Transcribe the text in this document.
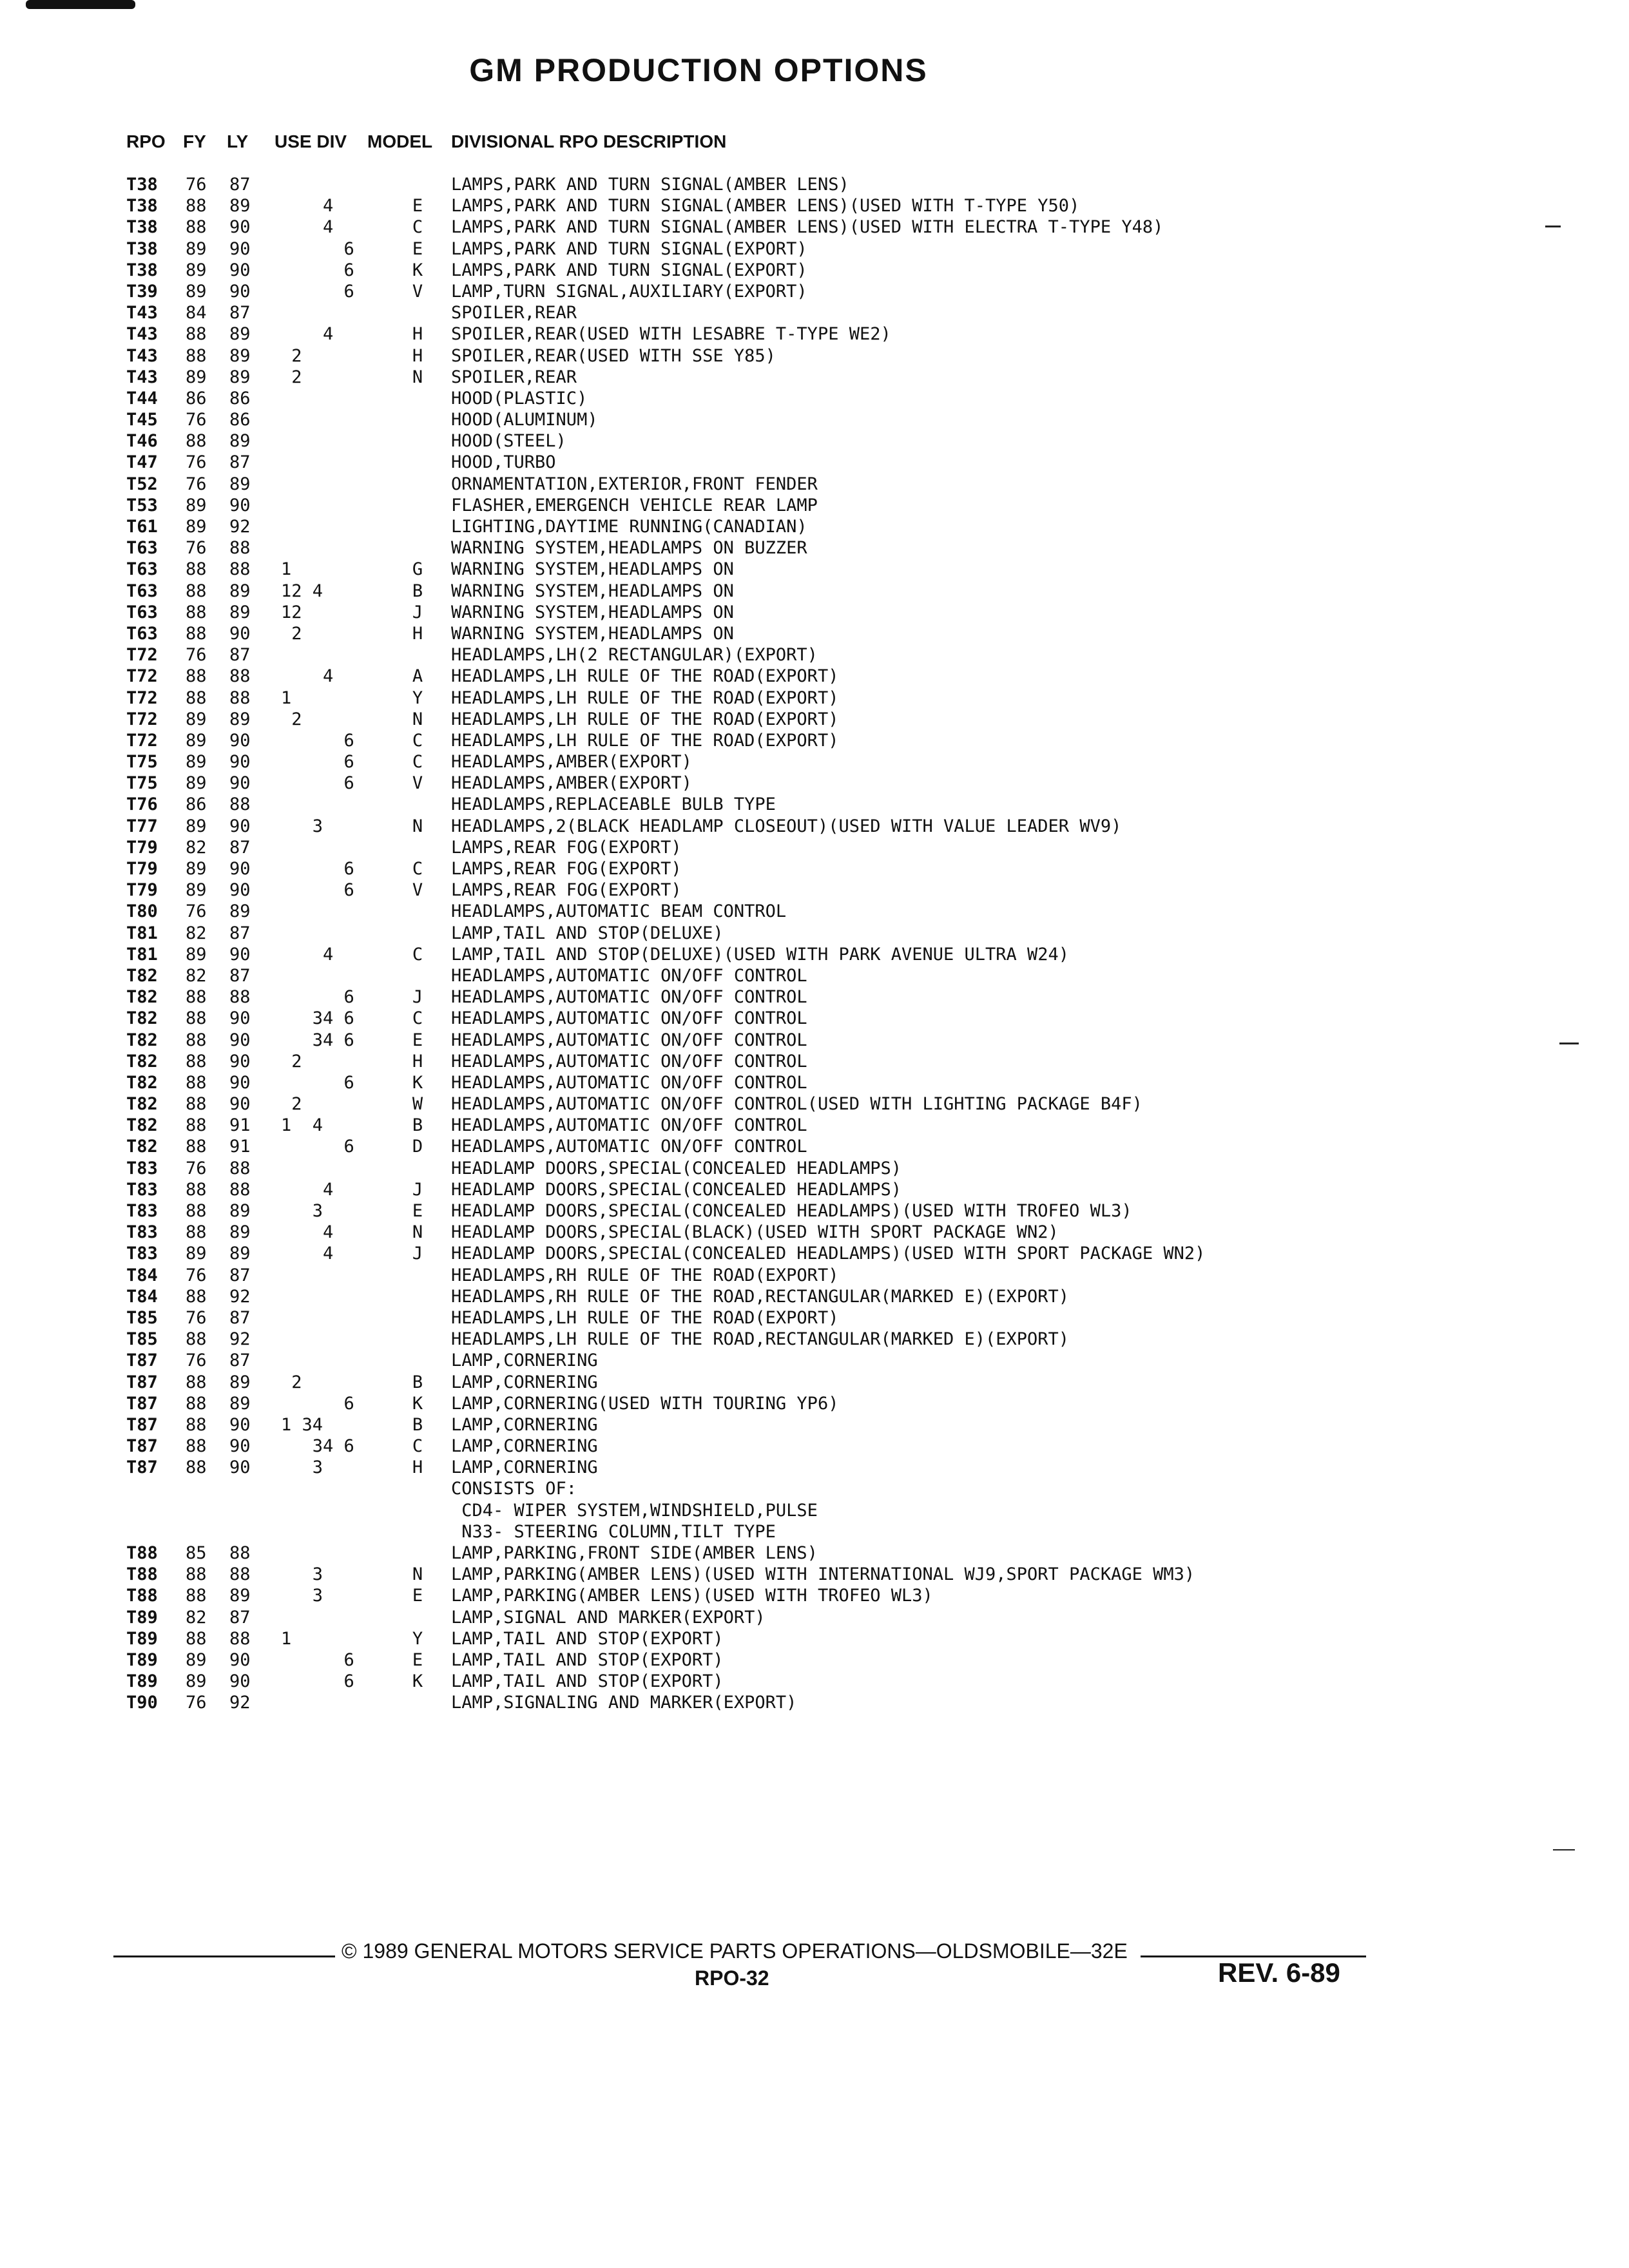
GM PRODUCTION OPTIONS
RPO FY LY USE DIV MODEL DIVISIONAL RPO DESCRIPTION
T38 76 87	LAMPS,PARK AND TURN SIGNAL(AMBER LENS)
T38 88 89 4	E	LAMPS,PARK AND TURN SIGNAL(AMBER LENS)(USED WITH T-TYPE Y50)
T38 88 90 4	C	LAMPS,PARK AND TURN SIGNAL(AMBER LENS)(USED WITH ELECTRA T-TYPE Y48)
T38 89 90 6	E	LAMPS,PARK AND TURN SIGNAL(EXPORT)
T38 89 90 6	K	LAMPS,PARK AND TURN SIGNAL(EXPORT)
T39 89 90 6	V	LAMP,TURN SIGNAL,AUXILIARY(EXPORT)
T43 84 87	SPOILER,REAR
T43 88 89 4	H	SPOILER,REAR(USED WITH LESABRE T-TYPE WE2)
T43 88 89 2	H	SPOILER,REAR(USED WITH SSE Y85)
T43 89 89 2	N	SPOILER,REAR
T44 86 86	HOOD(PLASTIC)
T45 76 86	HOOD(ALUMINUM)
T46 88 89	HOOD(STEEL)
T47 76 87	HOOD,TURBO
T52 76 89	ORNAMENTATION,EXTERIOR,FRONT FENDER
T53 89 90	FLASHER,EMERGENCH VEHICLE REAR LAMP
T61 89 92	LIGHTING,DAYTIME RUNNING(CANADIAN)
T63 76 88	WARNING SYSTEM,HEADLAMPS ON BUZZER
T63 88 88 1	G	WARNING SYSTEM,HEADLAMPS ON
T63 88 89 12 4	B	WARNING SYSTEM,HEADLAMPS ON
T63 88 89 12	J	WARNING SYSTEM,HEADLAMPS ON
T63 88 90 2	H	WARNING SYSTEM,HEADLAMPS ON
T72 76 87	HEADLAMPS,LH(2 RECTANGULAR)(EXPORT)
T72 88 88 4	A	HEADLAMPS,LH RULE OF THE ROAD(EXPORT)
T72 88 88 1	Y	HEADLAMPS,LH RULE OF THE ROAD(EXPORT)
T72 89 89 2	N	HEADLAMPS,LH RULE OF THE ROAD(EXPORT)
T72 89 90 6	C	HEADLAMPS,LH RULE OF THE ROAD(EXPORT)
T75 89 90 6	C	HEADLAMPS,AMBER(EXPORT)
T75 89 90 6	V	HEADLAMPS,AMBER(EXPORT)
T76 86 88	HEADLAMPS,REPLACEABLE BULB TYPE
T77 89 90 3	N	HEADLAMPS,2(BLACK HEADLAMP CLOSEOUT)(USED WITH VALUE LEADER WV9)
T79 82 87	LAMPS,REAR FOG(EXPORT)
T79 89 90 6	C	LAMPS,REAR FOG(EXPORT)
T79 89 90 6	V	LAMPS,REAR FOG(EXPORT)
T80 76 89	HEADLAMPS,AUTOMATIC BEAM CONTROL
T81 82 87	LAMP,TAIL AND STOP(DELUXE)
T81 89 90 4	C	LAMP,TAIL AND STOP(DELUXE)(USED WITH PARK AVENUE ULTRA W24)
T82 82 87	HEADLAMPS,AUTOMATIC ON/OFF CONTROL
T82 88 88 6	J	HEADLAMPS,AUTOMATIC ON/OFF CONTROL
T82 88 90 34 6	C	HEADLAMPS,AUTOMATIC ON/OFF CONTROL
T82 88 90 34 6	E	HEADLAMPS,AUTOMATIC ON/OFF CONTROL
T82 88 90 2	H	HEADLAMPS,AUTOMATIC ON/OFF CONTROL
T82 88 90 6	K	HEADLAMPS,AUTOMATIC ON/OFF CONTROL
T82 88 90 2	W	HEADLAMPS,AUTOMATIC ON/OFF CONTROL(USED WITH LIGHTING PACKAGE B4F)
T82 88 91 1  4	B	HEADLAMPS,AUTOMATIC ON/OFF CONTROL
T82 88 91 6	D	HEADLAMPS,AUTOMATIC ON/OFF CONTROL
T83 76 88	HEADLAMP DOORS,SPECIAL(CONCEALED HEADLAMPS)
T83 88 88 4	J	HEADLAMP DOORS,SPECIAL(CONCEALED HEADLAMPS)
T83 88 89 3	E	HEADLAMP DOORS,SPECIAL(CONCEALED HEADLAMPS)(USED WITH TROFEO WL3)
T83 88 89 4	N	HEADLAMP DOORS,SPECIAL(BLACK)(USED WITH SPORT PACKAGE WN2)
T83 89 89 4	J	HEADLAMP DOORS,SPECIAL(CONCEALED HEADLAMPS)(USED WITH SPORT PACKAGE WN2)
T84 76 87	HEADLAMPS,RH RULE OF THE ROAD(EXPORT)
T84 88 92	HEADLAMPS,RH RULE OF THE ROAD,RECTANGULAR(MARKED E)(EXPORT)
T85 76 87	HEADLAMPS,LH RULE OF THE ROAD(EXPORT)
T85 88 92	HEADLAMPS,LH RULE OF THE ROAD,RECTANGULAR(MARKED E)(EXPORT)
T87 76 87	LAMP,CORNERING
T87 88 89 2	B	LAMP,CORNERING
T87 88 89 6	K	LAMP,CORNERING(USED WITH TOURING YP6)
T87 88 90 1 34	B	LAMP,CORNERING
T87 88 90 34 6	C	LAMP,CORNERING
T87 88 90 3	H	LAMP,CORNERING
CONSISTS OF:
CD4- WIPER SYSTEM,WINDSHIELD,PULSE
N33- STEERING COLUMN,TILT TYPE
T88 85 88	LAMP,PARKING,FRONT SIDE(AMBER LENS)
T88 88 88 3	N	LAMP,PARKING(AMBER LENS)(USED WITH INTERNATIONAL WJ9,SPORT PACKAGE WM3)
T88 88 89 3	E	LAMP,PARKING(AMBER LENS)(USED WITH TROFEO WL3)
T89 82 87	LAMP,SIGNAL AND MARKER(EXPORT)
T89 88 88 1	Y	LAMP,TAIL AND STOP(EXPORT)
T89 89 90 6	E	LAMP,TAIL AND STOP(EXPORT)
T89 89 90 6	K	LAMP,TAIL AND STOP(EXPORT)
T90 76 92	LAMP,SIGNALING AND MARKER(EXPORT)
© 1989 GENERAL MOTORS SERVICE PARTS OPERATIONS—OLDSMOBILE—32E
RPO-32	REV. 6-89
